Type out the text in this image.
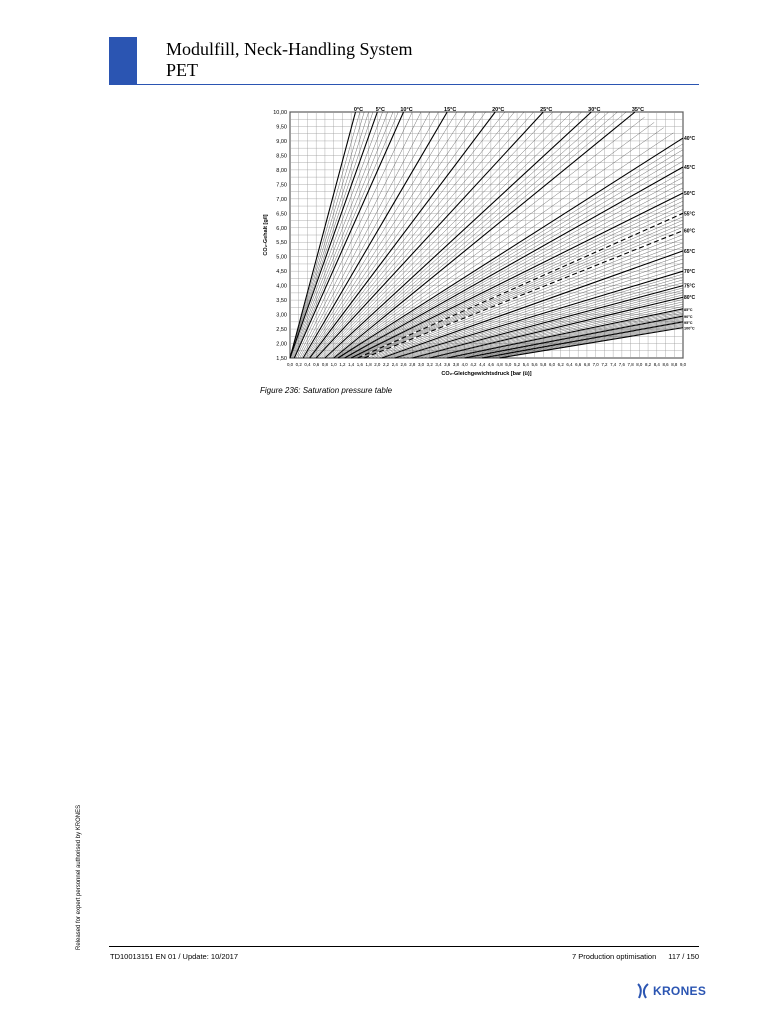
Modulfill, Neck-Handling System
PET
10,00
9,50
9,00
8,50
8,00
7,50
7,00
6,50
6,00
5,50
5,00
4,50
4,00
3,50
3,00
2,50
2,00
1,50
0,0 0,2 0,4 0,6 0,8 1,0 1,2 1,4 1,6 1,8 2,0 2,2 2,4 2,6 2,8 3,0 3,2 3,4 3,6 3,8 4,0 4,2 4,4 4,6 4,8 5,0 5,2 5,4 5,6 5,8 6,0 6,2 6,4 6,6 6,8 7,0 7,2 7,4 7,6 7,8 8,0 8,2 8,4 8,6 8,8 9,0
CO₂-Gleichgewichtsdruck [bar (ü)]
CO₂-Gehalt [g/l]
0°C 5°C	10°C	15°C	20°C	25°C	30°C	35°C
40°C
45°C
50°C
55°C
60°C
65°C
70°C
75°C
80°C
85°C
90°C
95°C
100°C
Figure 236: Saturation pressure table
Released for expert personnel authorised by KRONES
TD10013151 EN 01 / Update: 10/2017	7 Production optimisation 117 / 150
KRONES
